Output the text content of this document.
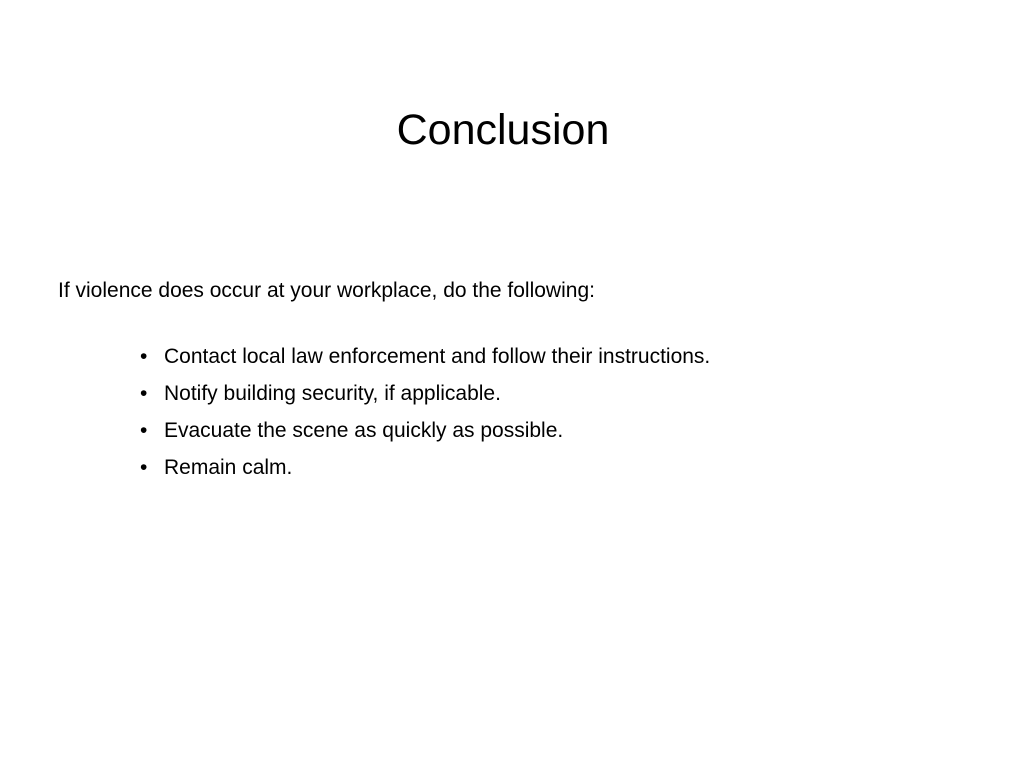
Conclusion

If violence does occur at your workplace, do the following:

• Contact local law enforcement and follow their instructions.
• Notify building security, if applicable.
• Evacuate the scene as quickly as possible.
• Remain calm.
